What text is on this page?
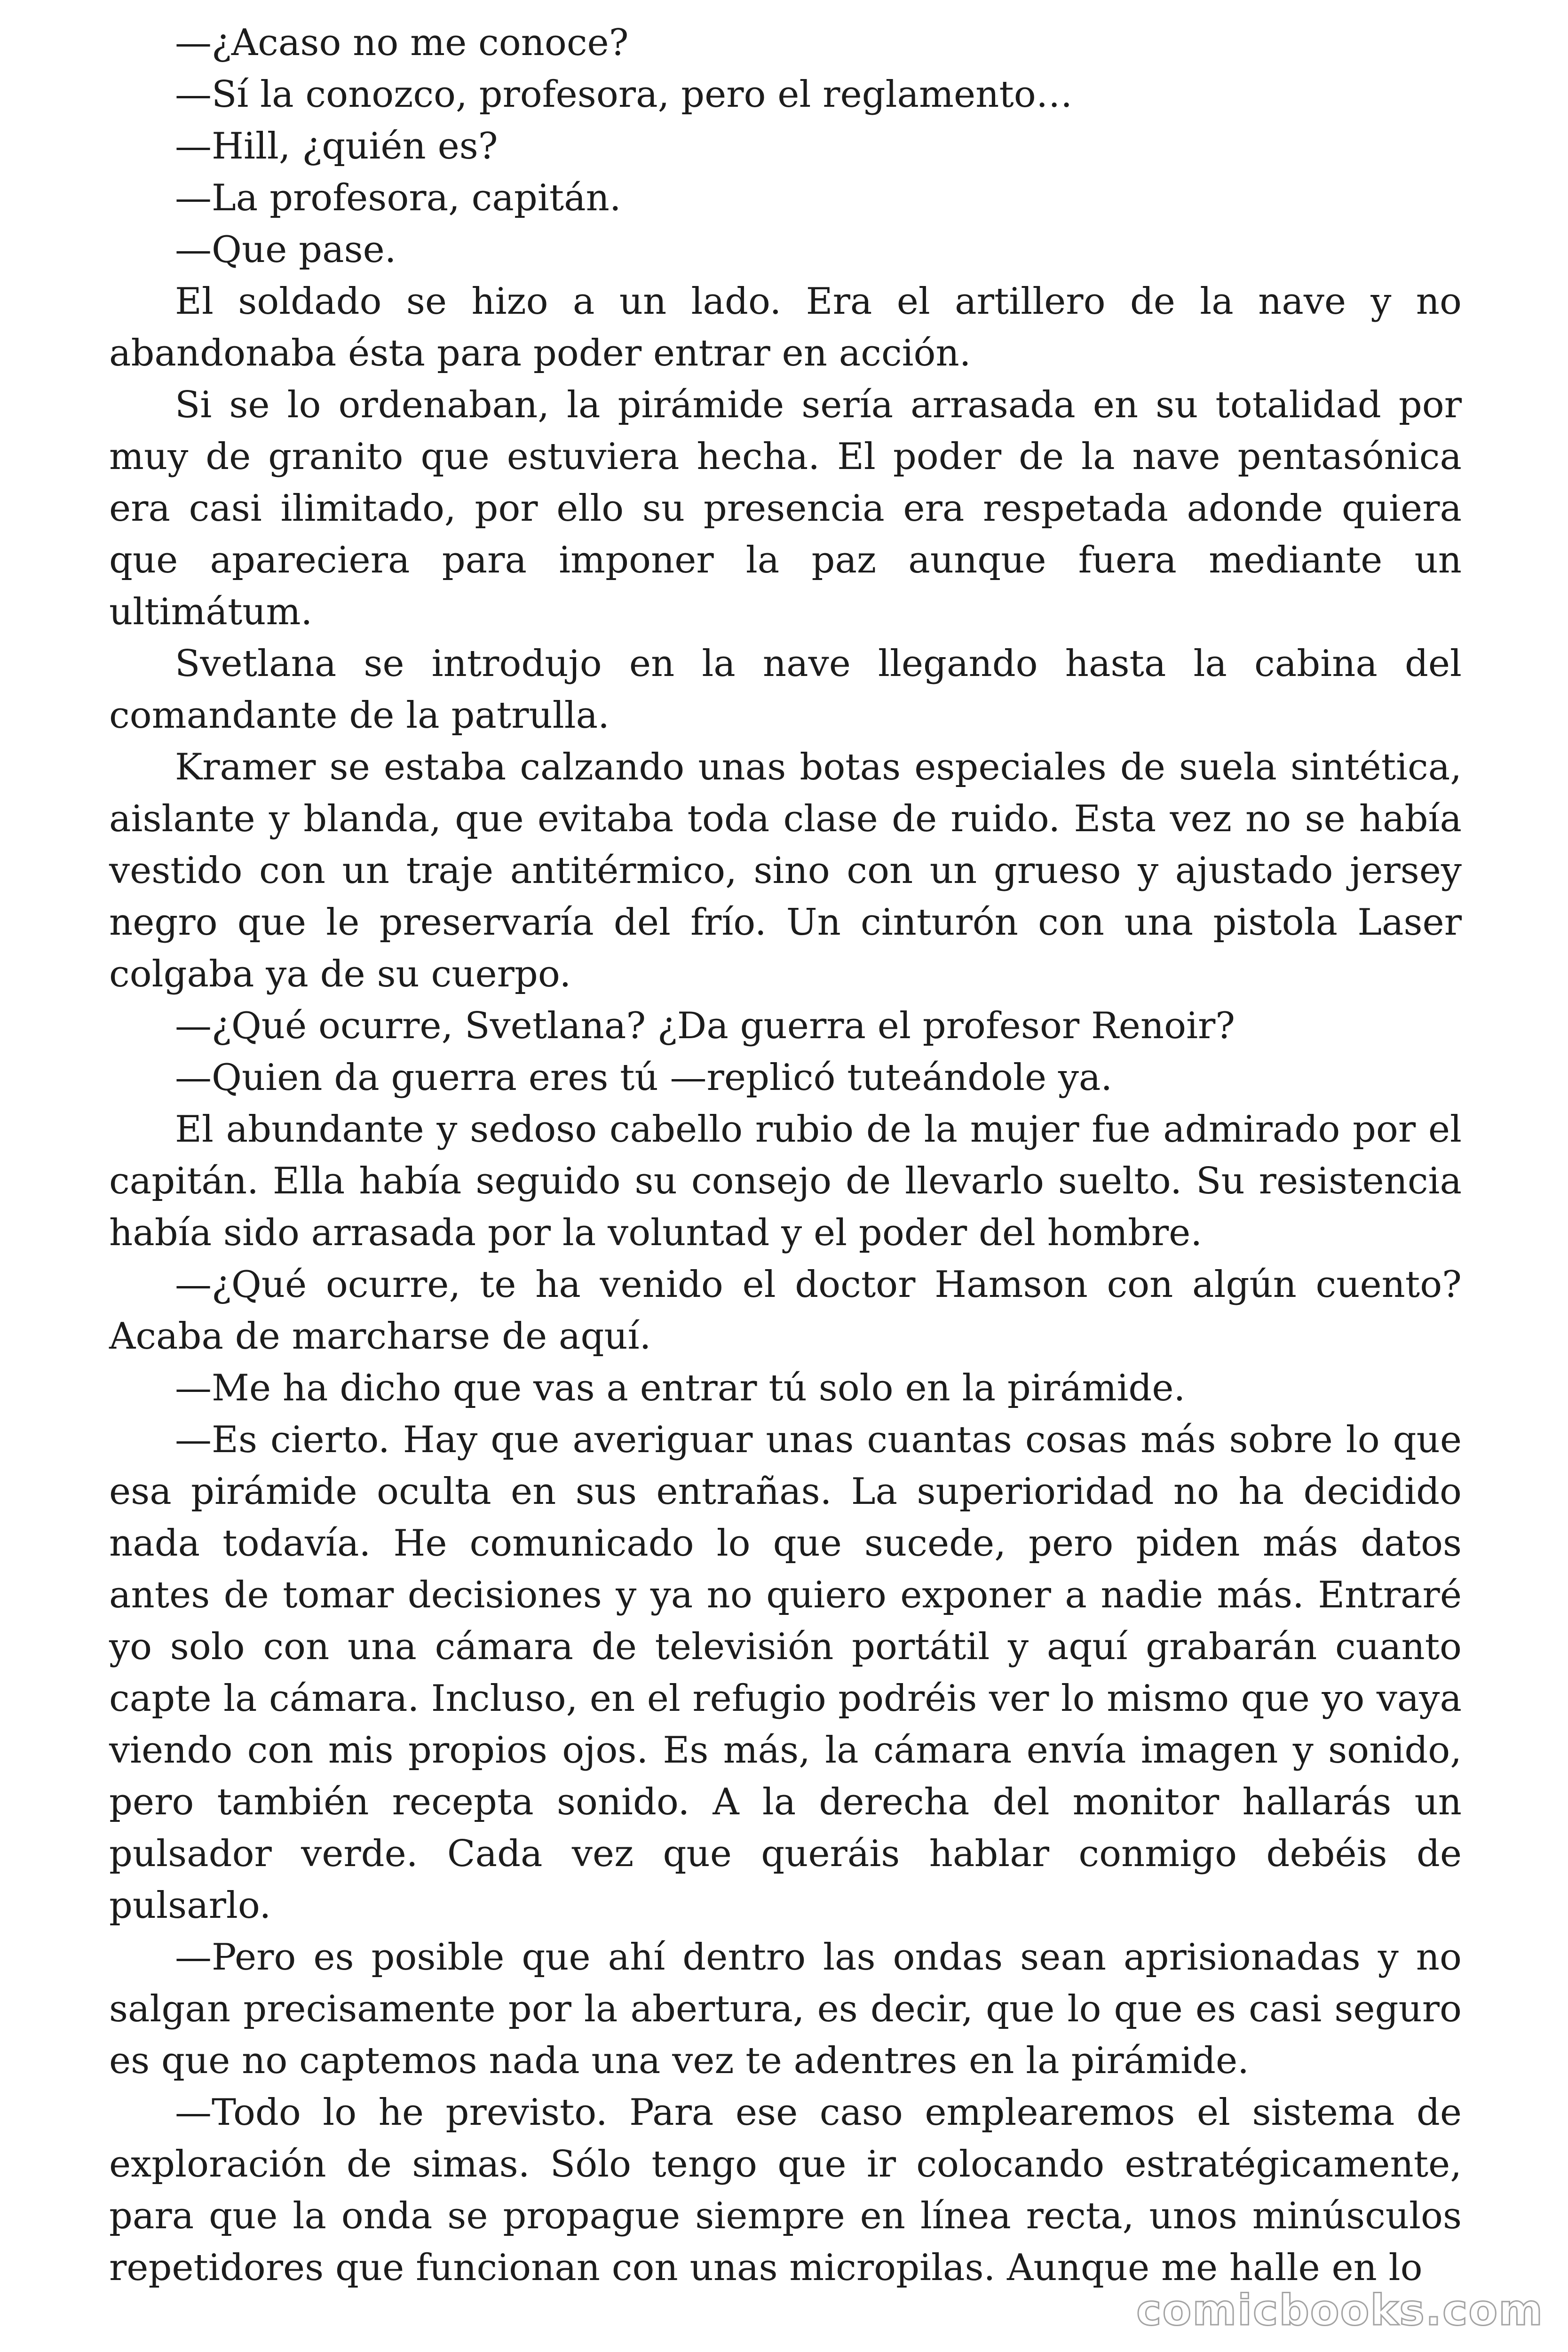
—¿Acaso no me conoce?

—Sí la conozco, profesora, pero el reglamento…

—Hill, ¿quién es?

—La profesora, capitán.

—Que pase.

El soldado se hizo a un lado. Era el artillero de la nave y no abandonaba ésta para poder entrar en acción.

Si se lo ordenaban, la pirámide sería arrasada en su totalidad por muy de granito que estuviera hecha. El poder de la nave pentasónica era casi ilimitado, por ello su presencia era respetada adonde quiera que apareciera para imponer la paz aunque fuera mediante un ultimátum.

Svetlana se introdujo en la nave llegando hasta la cabina del comandante de la patrulla.

Kramer se estaba calzando unas botas especiales de suela sintética, aislante y blanda, que evitaba toda clase de ruido. Esta vez no se había vestido con un traje antitérmico, sino con un grueso y ajustado jersey negro que le preservaría del frío. Un cinturón con una pistola Laser colgaba ya de su cuerpo.

—¿Qué ocurre, Svetlana? ¿Da guerra el profesor Renoir?

—Quien da guerra eres tú —replicó tuteándole ya.

El abundante y sedoso cabello rubio de la mujer fue admirado por el capitán. Ella había seguido su consejo de llevarlo suelto. Su resistencia había sido arrasada por la voluntad y el poder del hombre.

—¿Qué ocurre, te ha venido el doctor Hamson con algún cuento? Acaba de marcharse de aquí.

—Me ha dicho que vas a entrar tú solo en la pirámide.

—Es cierto. Hay que averiguar unas cuantas cosas más sobre lo que esa pirámide oculta en sus entrañas. La superioridad no ha decidido nada todavía. He comunicado lo que sucede, pero piden más datos antes de tomar decisiones y ya no quiero exponer a nadie más. Entraré yo solo con una cámara de televisión portátil y aquí grabarán cuanto capte la cámara. Incluso, en el refugio podréis ver lo mismo que yo vaya viendo con mis propios ojos. Es más, la cámara envía imagen y sonido, pero también recepta sonido. A la derecha del monitor hallarás un pulsador verde. Cada vez que queráis hablar conmigo debéis de pulsarlo.

—Pero es posible que ahí dentro las ondas sean aprisionadas y no salgan precisamente por la abertura, es decir, que lo que es casi seguro es que no captemos nada una vez te adentres en la pirámide.

—Todo lo he previsto. Para ese caso emplearemos el sistema de exploración de simas. Sólo tengo que ir colocando estratégicamente, para que la onda se propague siempre en línea recta, unos minúsculos repetidores que funcionan con unas micropilas. Aunque me halle en lo

comicbooks.com
